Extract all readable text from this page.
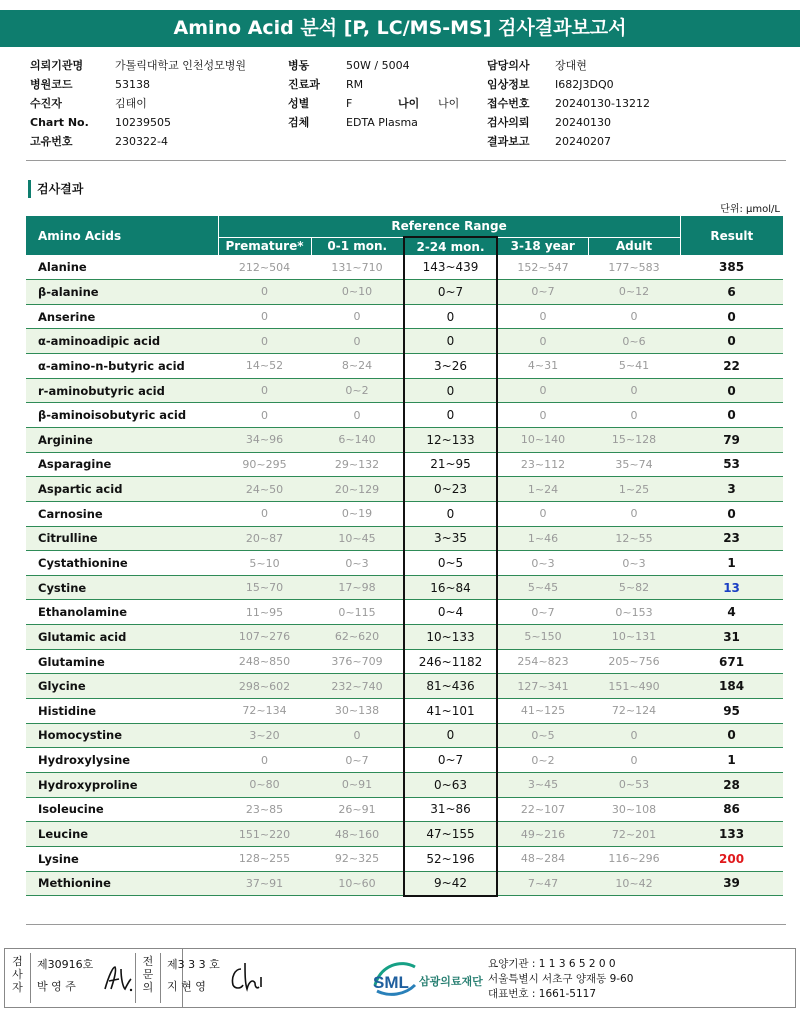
Amino Acid 분석 [P, LC/MS-MS] 검사결과보고서
의뢰기관명	가톨릭대학교 인천성모병원
병원코드	53138
수진자	김태이
Chart No. 10239505
고유번호	230322-4
병동	50W / 5004
진료과 RM
성별	F	나이 나이
검체	EDTA Plasma
담당의사 장대현
임상정보 I682J3DQ0
접수번호 20240130-13212
검사의뢰 20240130
결과보고 20240207
검사결과
단위: μmol/L
Amino Acids	Reference Range					Result
	Premature*	0-1 mon.	2-24 mon.	3-18 year	Adult	
Alanine	212~504	131~710	143~439	152~547	177~583	385
β-alanine	0	0~10	0~7	0~7	0~12	6
Anserine	0	0	0	0	0	0
α-aminoadipic acid	0	0	0	0	0~6	0
α-amino-n-butyric acid	14~52	8~24	3~26	4~31	5~41	22
r-aminobutyric acid	0	0~2	0	0	0	0
β-aminoisobutyric acid	0	0	0	0	0	0
Arginine	34~96	6~140	12~133	10~140	15~128	79
Asparagine	90~295	29~132	21~95	23~112	35~74	53
Aspartic acid	24~50	20~129	0~23	1~24	1~25	3
Carnosine	0	0~19	0	0	0	0
Citrulline	20~87	10~45	3~35	1~46	12~55	23
Cystathionine	5~10	0~3	0~5	0~3	0~3	1
Cystine	15~70	17~98	16~84	5~45	5~82	13
Ethanolamine	11~95	0~115	0~4	0~7	0~153	4
Glutamic acid	107~276	62~620	10~133	5~150	10~131	31
Glutamine	248~850	376~709	246~1182	254~823	205~756	671
Glycine	298~602	232~740	81~436	127~341	151~490	184
Histidine	72~134	30~138	41~101	41~125	72~124	95
Homocystine	3~20	0	0	0~5	0	0
Hydroxylysine	0	0~7	0~7	0~2	0	1
Hydroxyproline	0~80	0~91	0~63	3~45	0~53	28
Isoleucine	23~85	26~91	31~86	22~107	30~108	86
Leucine	151~220	48~160	47~155	49~216	72~201	133
Lysine	128~255	92~325	52~196	48~284	116~296	200
Methionine	37~91	10~60	9~42	7~47	10~42	39
검사자
제30916호
박 영 주
전문의
제3 3 3 호
지 현 영	SML 삼광의료재단
요양기관 : 1 1 3 6 5 2 0 0
서울특별시 서초구 양재동 9-60
대표번호 : 1661-5117
